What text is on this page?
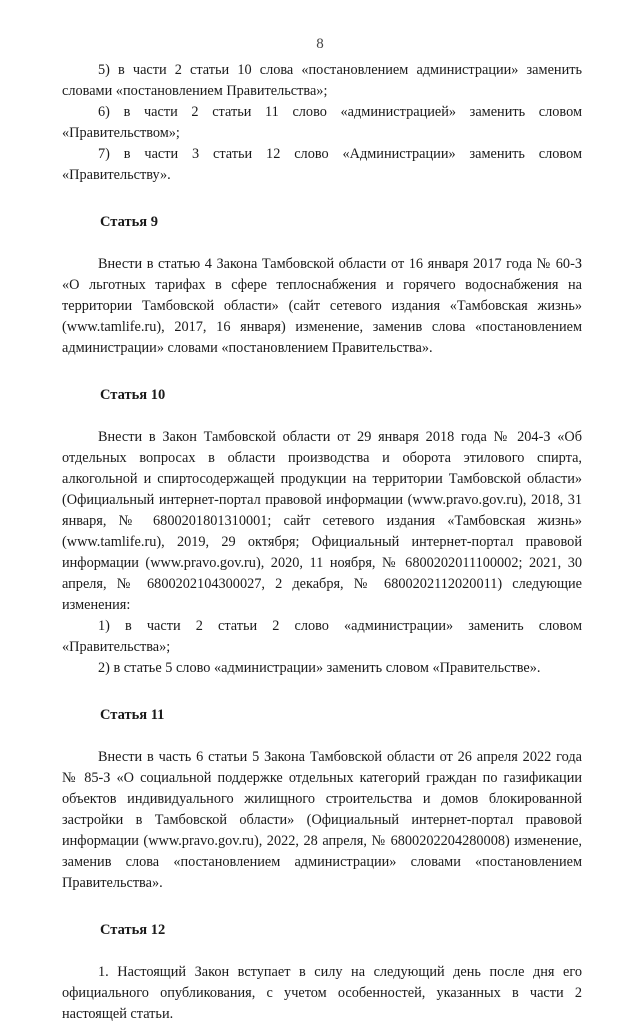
8

5) в части 2 статьи 10 слова «постановлением администрации» заменить словами «постановлением Правительства»;

6) в части 2 статьи 11 слово «администрацией» заменить словом «Правительством»;

7) в части 3 статьи 12 слово «Администрации» заменить словом «Правительству».

Статья 9

Внести в статью 4 Закона Тамбовской области от 16 января 2017 года № 60-З «О льготных тарифах в сфере теплоснабжения и горячего водоснабжения на территории Тамбовской области» (сайт сетевого издания «Тамбовская жизнь» (www.tamlife.ru), 2017, 16 января) изменение, заменив слова «постановлением администрации» словами «постановлением Правительства».

Статья 10

Внести в Закон Тамбовской области от 29 января 2018 года № 204-З «Об отдельных вопросах в области производства и оборота этилового спирта, алкогольной и спиртосодержащей продукции на территории Тамбовской области» (Официальный интернет-портал правовой информации (www.pravo.gov.ru), 2018, 31 января, № 6800201801310001; сайт сетевого издания «Тамбовская жизнь» (www.tamlife.ru), 2019, 29 октября; Официальный интернет-портал правовой информации (www.pravo.gov.ru), 2020, 11 ноября, № 6800202011100002; 2021, 30 апреля, № 6800202104300027, 2 декабря, № 6800202112020011) следующие изменения:

1) в части 2 статьи 2 слово «администрации» заменить словом «Правительства»;

2) в статье 5 слово «администрации» заменить словом «Правительстве».

Статья 11

Внести в часть 6 статьи 5 Закона Тамбовской области от 26 апреля 2022 года № 85-З «О социальной поддержке отдельных категорий граждан по газификации объектов индивидуального жилищного строительства и домов блокированной застройки в Тамбовской области» (Официальный интернет-портал правовой информации (www.pravo.gov.ru), 2022, 28 апреля, № 6800202204280008) изменение, заменив слова «постановлением администрации» словами «постановлением Правительства».

Статья 12

1. Настоящий Закон вступает в силу на следующий день после дня его официального опубликования, с учетом особенностей, указанных в части 2 настоящей статьи.
